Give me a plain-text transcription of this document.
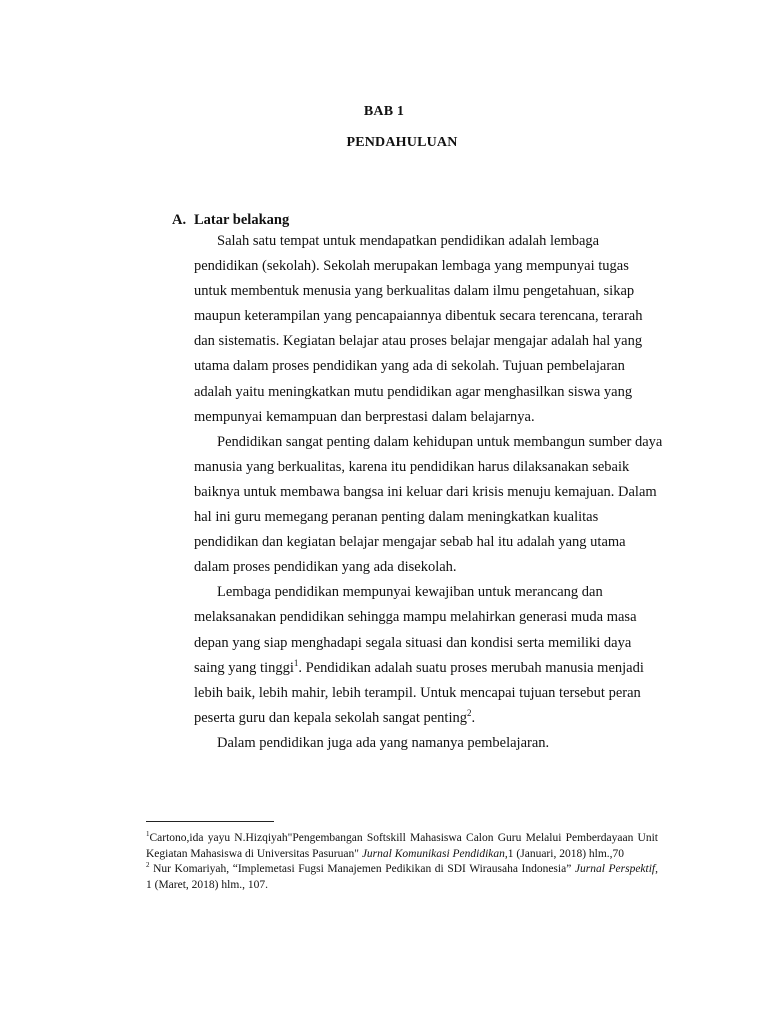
BAB 1
PENDAHULUAN
A. Latar belakang

Salah satu tempat untuk mendapatkan pendidikan adalah lembaga pendidikan (sekolah). Sekolah merupakan lembaga yang mempunyai tugas untuk membentuk menusia yang berkualitas dalam ilmu pengetahuan, sikap maupun keterampilan yang pencapaiannya dibentuk secara terencana, terarah dan sistematis. Kegiatan belajar atau proses belajar mengajar adalah hal yang utama dalam proses pendidikan yang ada di sekolah. Tujuan pembelajaran adalah yaitu meningkatkan mutu pendidikan agar menghasilkan siswa yang mempunyai kemampuan dan berprestasi dalam belajarnya.

Pendidikan sangat penting dalam kehidupan untuk membangun sumber daya manusia yang berkualitas, karena itu pendidikan harus dilaksanakan sebaik baiknya untuk membawa bangsa ini keluar dari krisis menuju kemajuan. Dalam hal ini guru memegang peranan penting dalam meningkatkan kualitas pendidikan dan kegiatan belajar mengajar sebab hal itu adalah yang utama dalam proses pendidikan yang ada disekolah.

Lembaga pendidikan mempunyai kewajiban untuk merancang dan melaksanakan pendidikan sehingga mampu melahirkan generasi muda masa depan yang siap menghadapi segala situasi dan kondisi serta memiliki daya saing yang tinggi$^1$. Pendidikan adalah suatu proses merubah manusia menjadi lebih baik, lebih mahir, lebih terampil. Untuk mencapai tujuan tersebut peran peserta guru dan kepala sekolah sangat penting$^2$.

Dalam pendidikan juga ada yang namanya pembelajaran.

$^1$Cartono,ida yayu N.Hizqiyah"Pengembangan Softskill Mahasiswa Calon Guru Melalui Pemberdayaan Unit Kegiatan Mahasiswa di Universitas Pasuruan" Jurnal Komunikasi Pendidikan,1 (Januari, 2018) hlm.,70

$^2$ Nur Komariyah, “Implemetasi Fugsi Manajemen Pedikikan di SDI Wirausaha Indonesia” Jurnal Perspektif, 1 (Maret, 2018) hlm., 107.
